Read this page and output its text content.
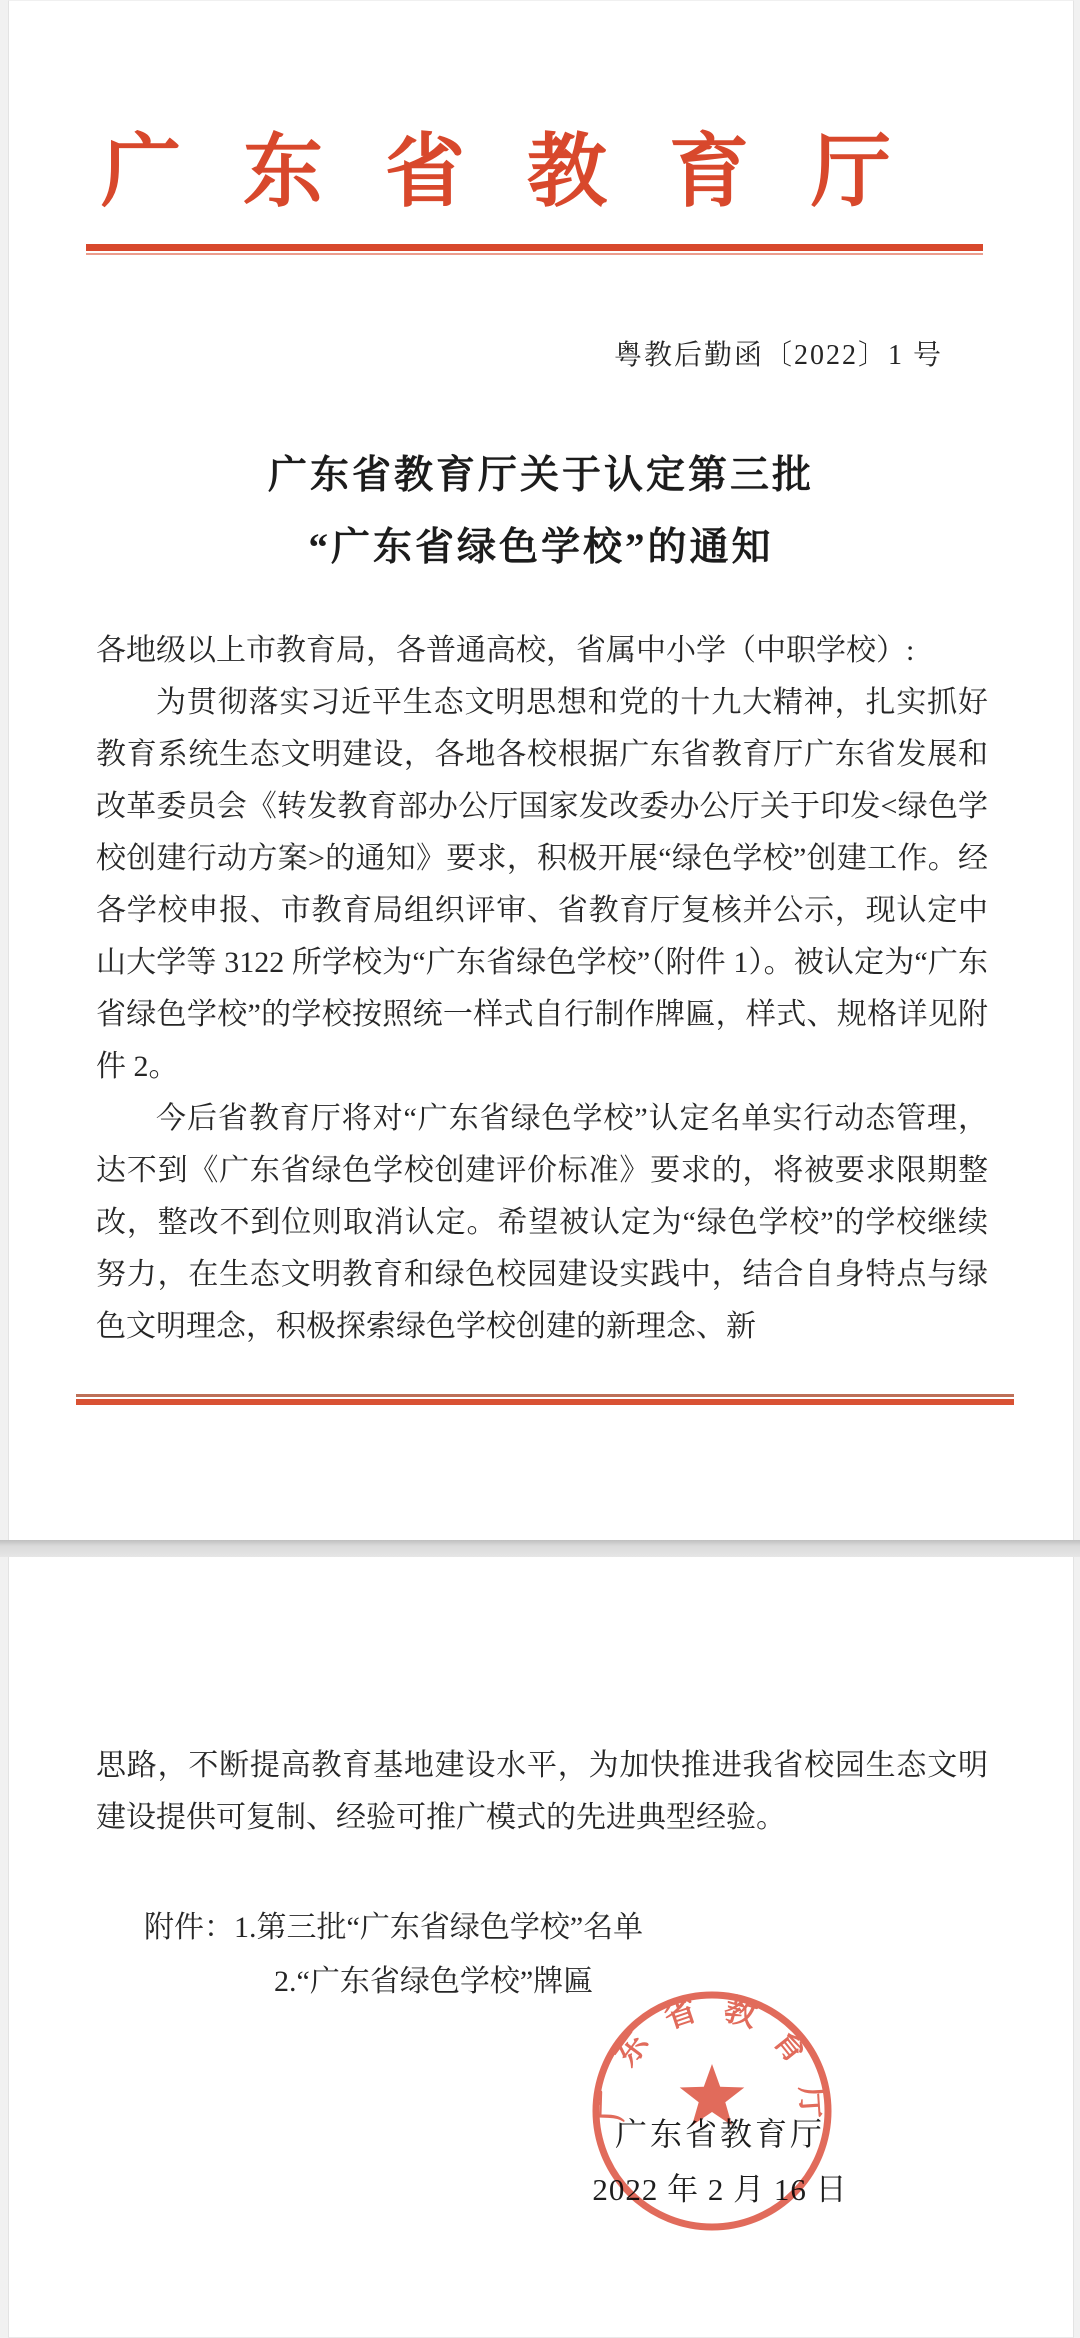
广东省教育厅
粤教后勤函〔2022〕1 号
广东省教育厅关于认定第三批
“广东省绿色学校”的通知

各地级以上市教育局，各普通高校，省属中小学（中职学校）:

为贯彻落实习近平生态文明思想和党的十九大精神，扎实抓好教育系统生态文明建设，各地各校根据广东省教育厅广东省发展和改革委员会《转发教育部办公厅国家发改委办公厅关于印发<绿色学校创建行动方案>的通知》要求，积极开展“绿色学校”创建工作。经各学校申报、市教育局组织评审、省教育厅复核并公示，现认定中山大学等 3122 所学校为“广东省绿色学校”（附件 1）。被认定为“广东省绿色学校”的学校按照统一样式自行制作牌匾，样式、规格详见附件 2。

今后省教育厅将对“广东省绿色学校”认定名单实行动态管理，达不到《广东省绿色学校创建评价标准》要求的，将被要求限期整改，整改不到位则取消认定。希望被认定为“绿色学校”的学校继续努力，在生态文明教育和绿色校园建设实践中，结合自身特点与绿色文明理念，积极探索绿色学校创建的新理念、新

思路，不断提高教育基地建设水平，为加快推进我省校园生态文明建设提供可复制、经验可推广模式的先进典型经验。

附件：1.第三批“广东省绿色学校”名单
2.“广东省绿色学校”牌匾
广东省教育厅
2022 年 2 月 16 日
广东省教育厅
